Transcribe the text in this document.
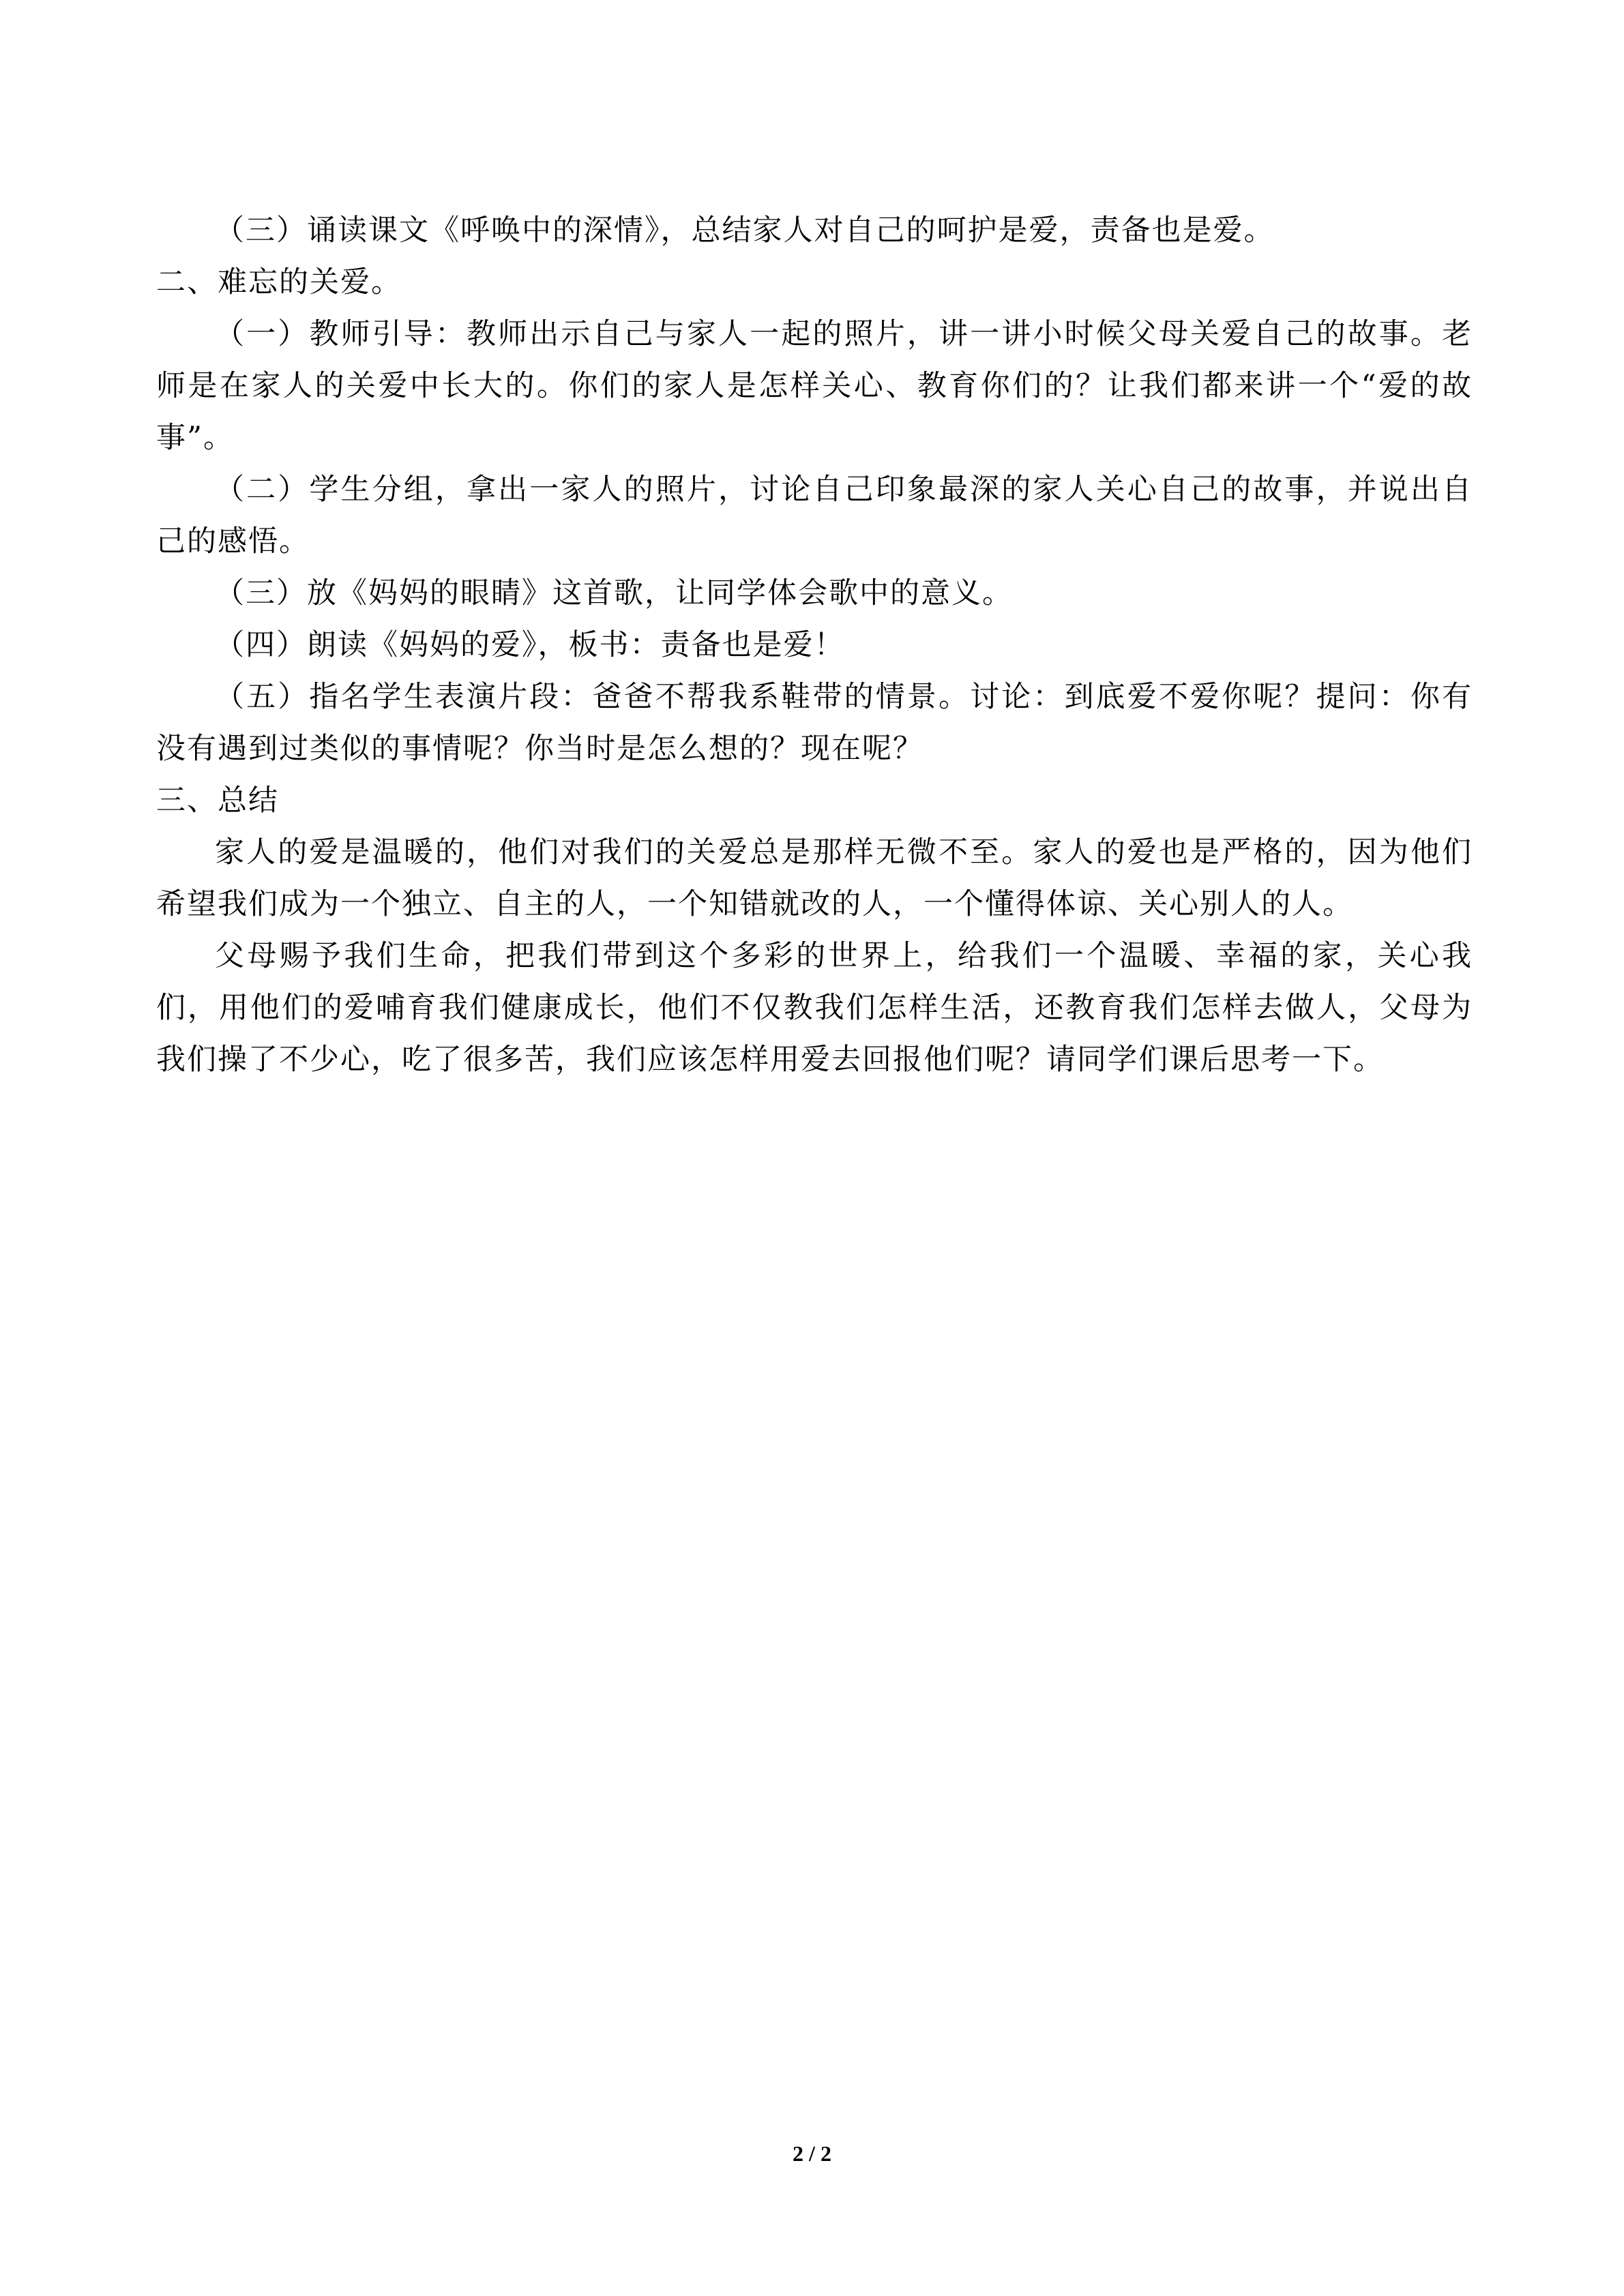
（三）诵读课文《呼唤中的深情》，总结家人对自己的呵护是爱，责备也是爱。

二、难忘的关爱。

（一）教师引导：教师出示自己与家人一起的照片，讲一讲小时候父母关爱自己的故事。老师是在家人的关爱中长大的。你们的家人是怎样关心、教育你们的？让我们都来讲一个“爱的故事”。

（二）学生分组，拿出一家人的照片，讨论自己印象最深的家人关心自己的故事，并说出自己的感悟。

（三）放《妈妈的眼睛》这首歌，让同学体会歌中的意义。

（四）朗读《妈妈的爱》，板书：责备也是爱！

（五）指名学生表演片段：爸爸不帮我系鞋带的情景。讨论：到底爱不爱你呢？提问：你有没有遇到过类似的事情呢？你当时是怎么想的？现在呢？

三、总结

家人的爱是温暖的，他们对我们的关爱总是那样无微不至。家人的爱也是严格的，因为他们希望我们成为一个独立、自主的人，一个知错就改的人，一个懂得体谅、关心别人的人。

父母赐予我们生命，把我们带到这个多彩的世界上，给我们一个温暖、幸福的家，关心我们，用他们的爱哺育我们健康成长，他们不仅教我们怎样生活，还教育我们怎样去做人，父母为我们操了不少心，吃了很多苦，我们应该怎样用爱去回报他们呢？请同学们课后思考一下。

2 / 2
